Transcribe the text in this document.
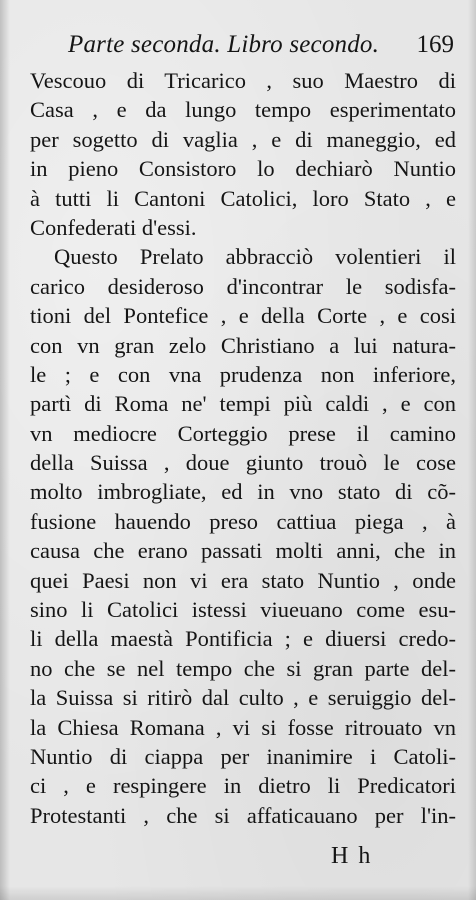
Parte seconda. Libro secondo. 169
Vescouo di Tricarico , suo Maestro di
Casa , e da lungo tempo esperimentato
per sogetto di vaglia , e di maneggio, ed
in pieno Consistoro lo dechiarò Nuntio
à tutti li Cantoni Catolici, loro Stato , e
Confederati d'essi.
Questo Prelato abbracciò volentieri il
carico desideroso d'incontrar le sodisfa-
tioni del Pontefice , e della Corte , e cosi
con vn gran zelo Christiano a lui natura-
le ; e con vna prudenza non inferiore,
partì di Roma ne' tempi più caldi , e con
vn mediocre Corteggio prese il camino
della Suissa , doue giunto trouò le cose
molto imbrogliate, ed in vno stato di cõ-
fusione hauendo preso cattiua piega , à
causa che erano passati molti anni, che in
quei Paesi non vi era stato Nuntio , onde
sino li Catolici istessi viueuano come esu-
li della maestà Pontificia ; e diuersi credo-
no che se nel tempo che si gran parte del-
la Suissa si ritirò dal culto , e seruiggio del-
la Chiesa Romana , vi si fosse ritrouato vn
Nuntio di ciappa per inanimire i Catoli-
ci , e respingere in dietro li Predicatori
Protestanti , che si affaticauano per l'in-
H h
